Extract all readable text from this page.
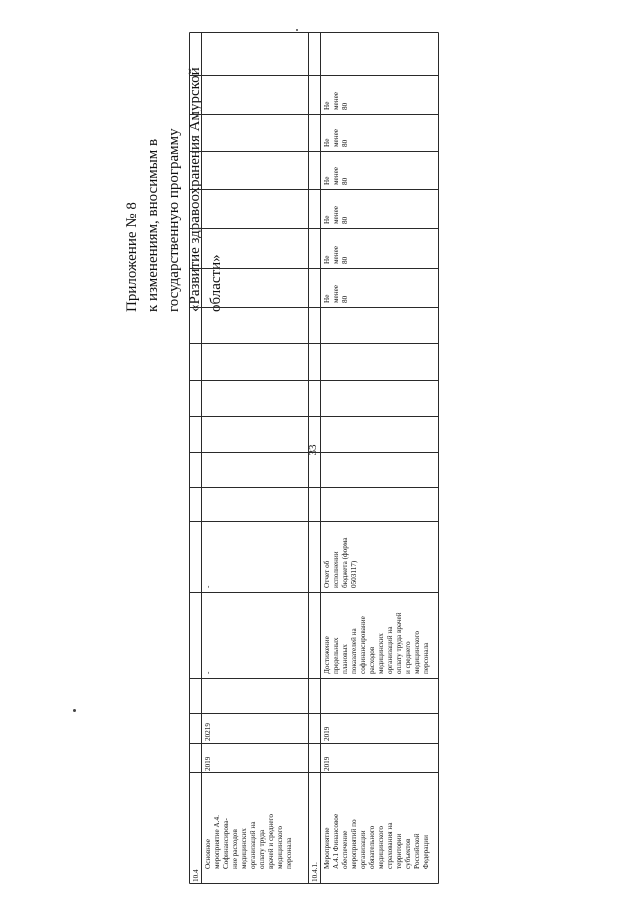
33
Приложение № 8 к изменениям, вносимым в государственную программу «Развитие здравоохранения Амурской области»
10.4
Основное мероприятие А.4. Софинансирова- ние расходов медицинских организаций на оплату труда врачей и среднего медицинского персонала
2019
20219
-
-
10.4.1.
Мероприятие А.4.1 Финансовое обеспечение мероприятий по организации обязательного медицинского страхования на территории субъектов Российской Федерации
2019
2019
Достижение предельных плановых показателей на софинансирование расходов медицинских организаций на оплату труда врачей и среднего медицинского персонала
Отчет об исполнении бюджета (форма 0503117)
Не менее 80
Не менее 80
Не менее 80
Не менее 80
Не менее 80
Не менее 80
